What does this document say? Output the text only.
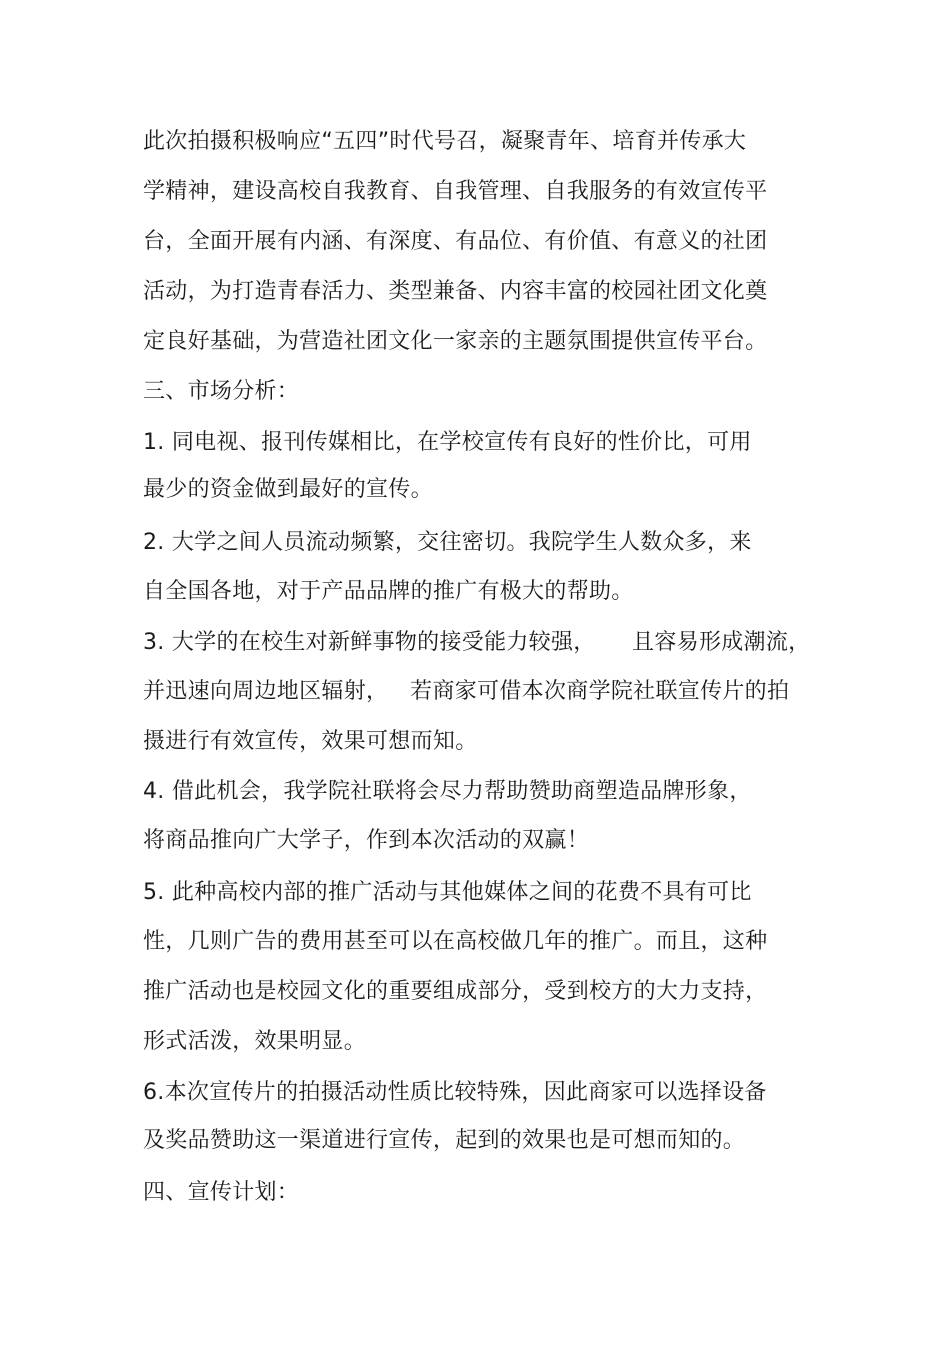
此次拍摄积极响应“五四”时代号召，凝聚青年、培育并传承大
学精神，建设高校自我教育、自我管理、自我服务的有效宣传平
台，全面开展有内涵、有深度、有品位、有价值、有意义的社团
活动，为打造青春活力、类型兼备、内容丰富的校园社团文化奠
定良好基础，为营造社团文化一家亲的主题氛围提供宣传平台。
三、市场分析：
1. 同电视、报刊传媒相比，在学校宣传有良好的性价比，可用
最少的资金做到最好的宣传。
2. 大学之间人员流动频繁，交往密切。我院学生人数众多，来
自全国各地，对于产品品牌的推广有极大的帮助。
3. 大学的在校生对新鲜事物的接受能力较强，     且容易形成潮流，
并迅速向周边地区辐射，   若商家可借本次商学院社联宣传片的拍
摄进行有效宣传，效果可想而知。
4. 借此机会，我学院社联将会尽力帮助赞助商塑造品牌形象，
将商品推向广大学子，作到本次活动的双赢！
5. 此种高校内部的推广活动与其他媒体之间的花费不具有可比
性，几则广告的费用甚至可以在高校做几年的推广。而且，这种
推广活动也是校园文化的重要组成部分，受到校方的大力支持，
形式活泼，效果明显。
6.本次宣传片的拍摄活动性质比较特殊，因此商家可以选择设备
及奖品赞助这一渠道进行宣传，起到的效果也是可想而知的。
四、宣传计划：
